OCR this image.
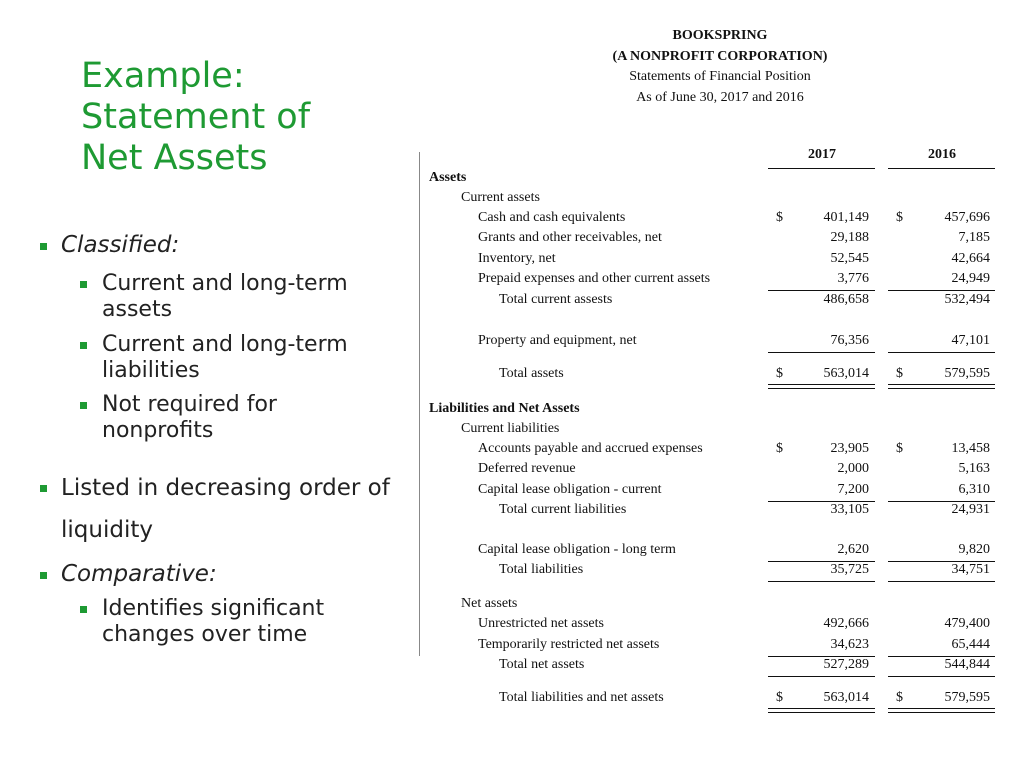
Example:
Statement of
Net Assets
Classified:
Current and long-term
assets
Current and long-term
liabilities
Not required for
nonprofits
Listed in decreasing order of
liquidity
Comparative:
Identifies significant
changes over time
BOOKSPRING
(A NONPROFIT CORPORATION)
Statements of Financial Position
As of June 30, 2017 and 2016
2017	2016
Assets
Current assets
Cash and cash equivalents	$	401,149 $	457,696
Grants and other receivables, net	29,188	7,185
Inventory, net	52,545	42,664
Prepaid expenses and other current assets	3,776	24,949
Total current assests	486,658	532,494
Property and equipment, net	76,356	47,101
Total assets	$	563,014 $	579,595
Liabilities and Net Assets
Current liabilities
Accounts payable and accrued expenses	$	23,905 $	13,458
Deferred revenue	2,000	5,163
Capital lease obligation - current	7,200	6,310
Total current liabilities	33,105	24,931
Capital lease obligation - long term	2,620	9,820
Total liabilities	35,725	34,751
Net assets
Unrestricted net assets	492,666	479,400
Temporarily restricted net assets	34,623	65,444
Total net assets	527,289	544,844
Total liabilities and net assets	$	563,014 $	579,595
